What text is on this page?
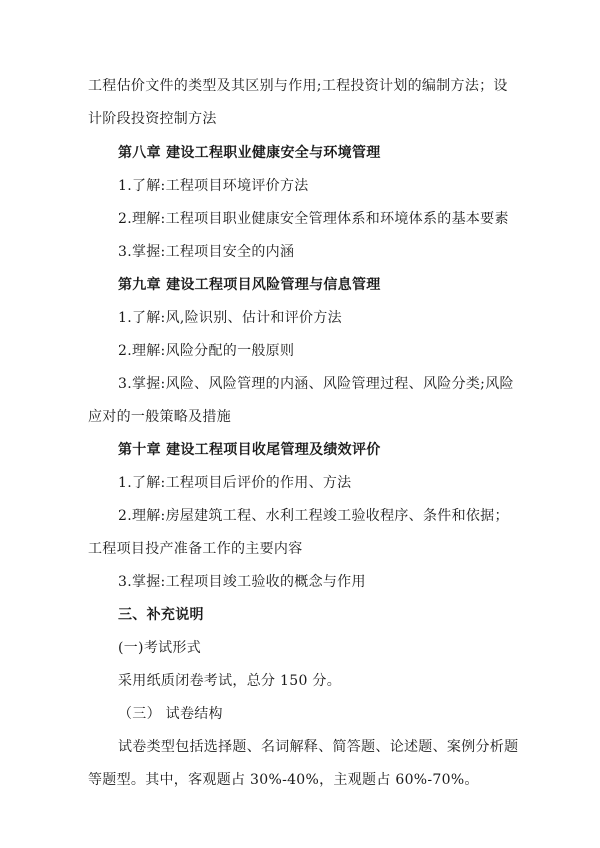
工程估价文件的类型及其区别与作用;工程投资计划的编制方法；设
计阶段投资控制方法
第八章 建设工程职业健康安全与环境管理
1.了解:工程项目环境评价方法
2.理解:工程项目职业健康安全管理体系和环境体系的基本要素
3.掌握:工程项目安全的内涵
第九章 建设工程项目风险管理与信息管理
1.了解:风,险识别、估计和评价方法
2.理解:风险分配的一般原则
3.掌握:风险、风险管理的内涵、风险管理过程、风险分类;风险
应对的一般策略及措施
第十章 建设工程项目收尾管理及绩效评价
1.了解:工程项目后评价的作用、方法
2.理解:房屋建筑工程、水利工程竣工验收程序、条件和依据；
工程项目投产准备工作的主要内容
3.掌握:工程项目竣工验收的概念与作用
三、补充说明
(一)考试形式
采用纸质闭卷考试，总分 150 分。
（三） 试卷结构
试卷类型包括选择题、名词解释、简答题、论述题、案例分析题
等题型。其中，客观题占 30%-40%，主观题占 60%-70%。
